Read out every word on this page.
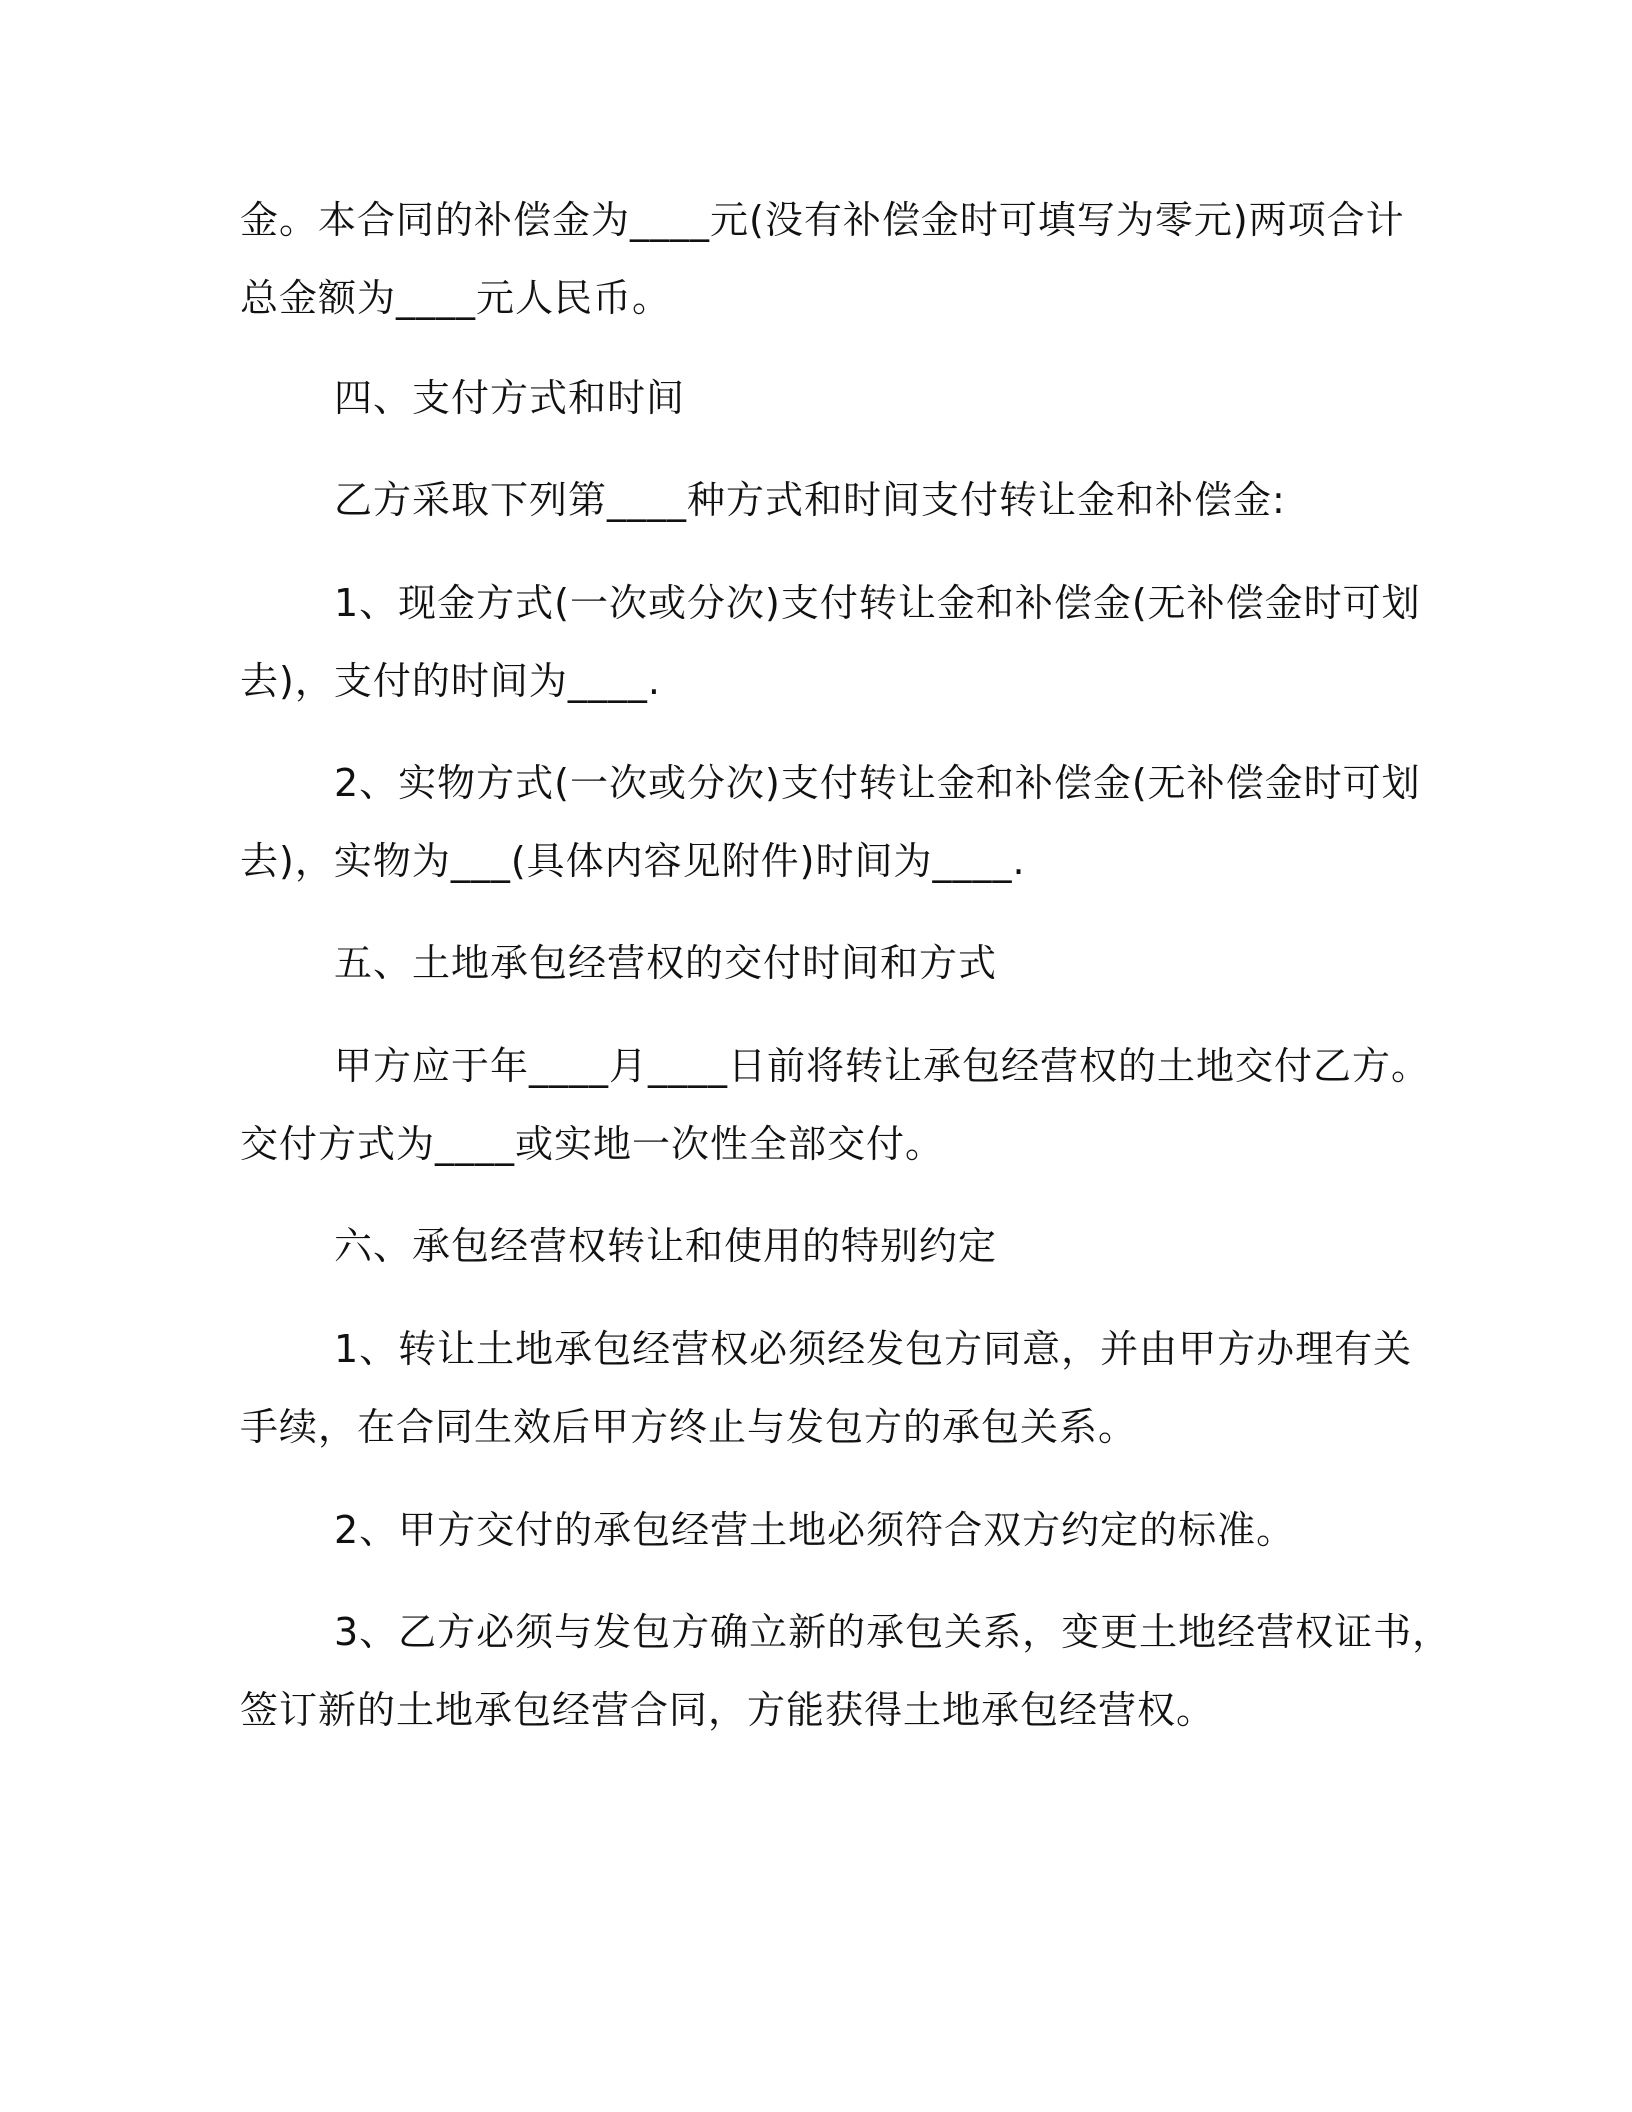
金。本合同的补偿金为____元(没有补偿金时可填写为零元)两项合计
总金额为____元人民币。
四、支付方式和时间
乙方采取下列第____种方式和时间支付转让金和补偿金:
1、现金方式(一次或分次)支付转让金和补偿金(无补偿金时可划
去)，支付的时间为____.
2、实物方式(一次或分次)支付转让金和补偿金(无补偿金时可划
去)，实物为___(具体内容见附件)时间为____.
五、土地承包经营权的交付时间和方式
甲方应于年____月____日前将转让承包经营权的土地交付乙方。
交付方式为____或实地一次性全部交付。
六、承包经营权转让和使用的特别约定
1、转让土地承包经营权必须经发包方同意，并由甲方办理有关
手续，在合同生效后甲方终止与发包方的承包关系。
2、甲方交付的承包经营土地必须符合双方约定的标准。
3、乙方必须与发包方确立新的承包关系，变更土地经营权证书，
签订新的土地承包经营合同，方能获得土地承包经营权。
